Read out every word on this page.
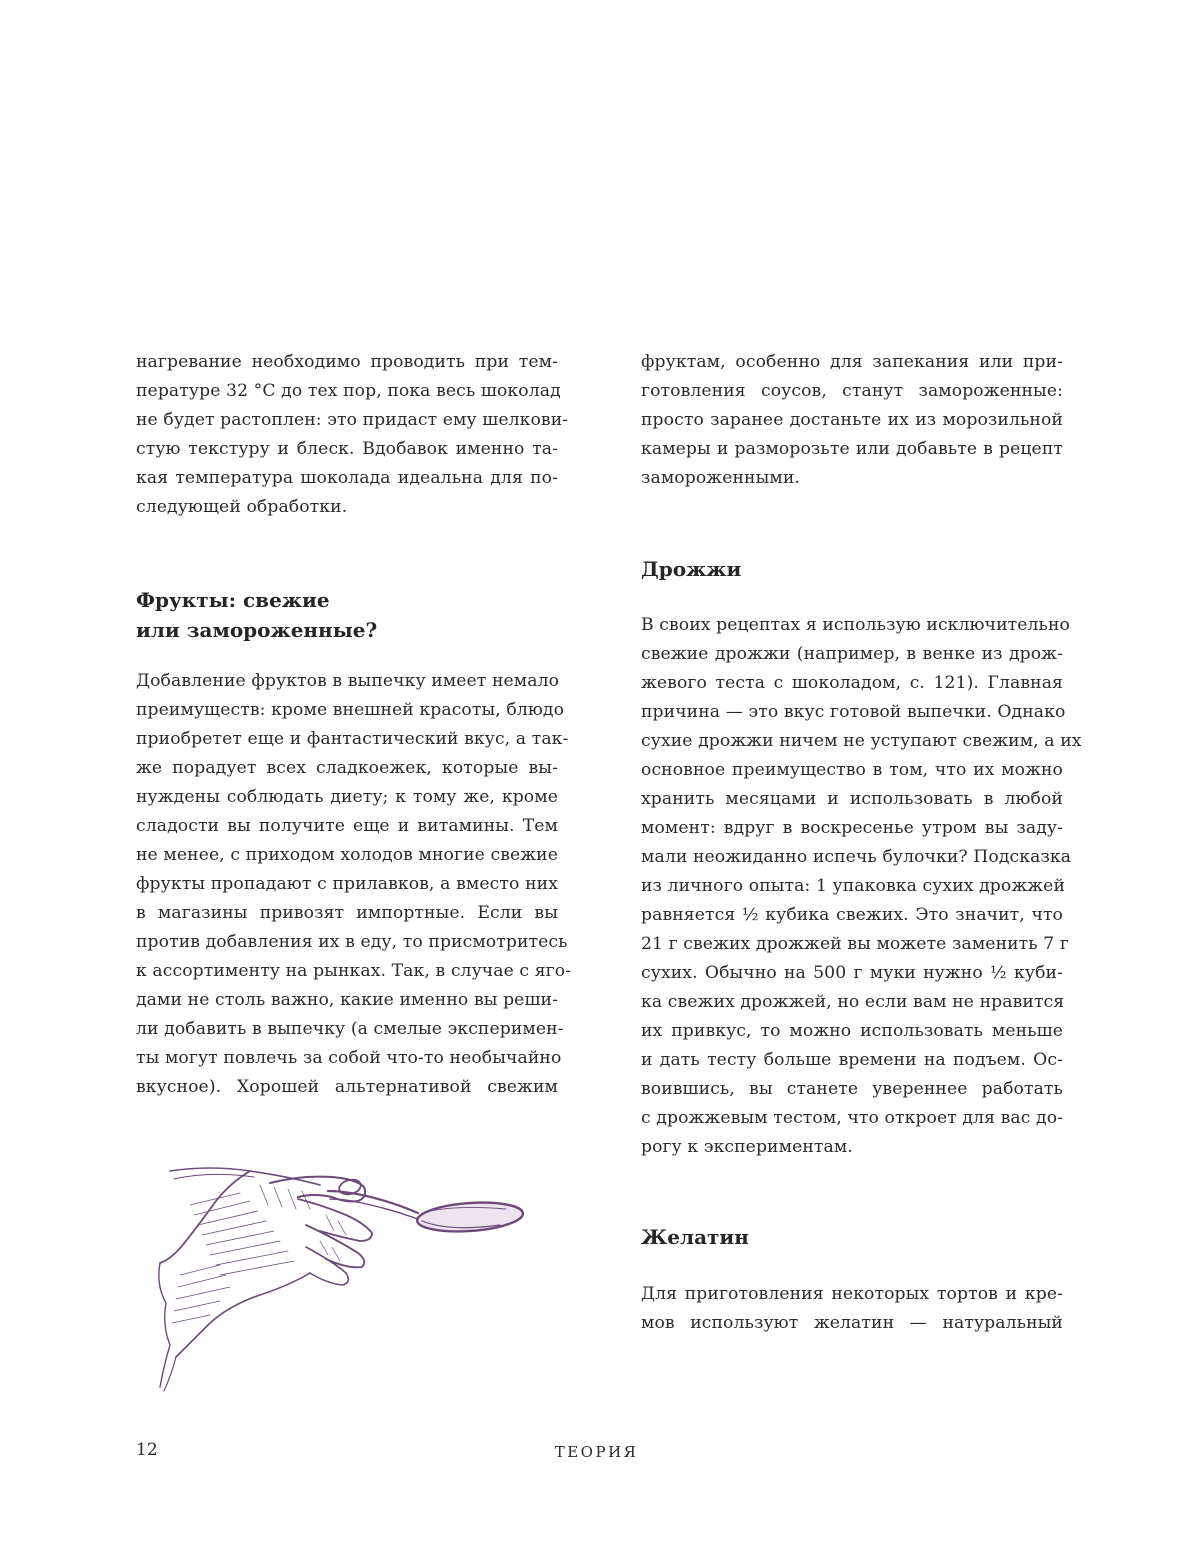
нагревание необходимо проводить при тем-
пературе 32 °С до тех пор, пока весь шоколад
не будет растоплен: это придаст ему шелкови-
стую текстуру и блеск. Вдобавок именно та-
кая температура шоколада идеальна для по-
следующей обработки.

Фрукты: свежие
или замороженные?

Добавление фруктов в выпечку имеет немало
преимуществ: кроме внешней красоты, блюдо
приобретет еще и фантастический вкус, а так-
же порадует всех сладкоежек, которые вы-
нуждены соблюдать диету; к тому же, кроме
сладости вы получите еще и витамины. Тем
не менее, с приходом холодов многие свежие
фрукты пропадают с прилавков, а вместо них
в магазины привозят импортные. Если вы
против добавления их в еду, то присмотритесь
к ассортименту на рынках. Так, в случае с яго-
дами не столь важно, какие именно вы реши-
ли добавить в выпечку (а смелые эксперимен-
ты могут повлечь за собой что-то необычайно
вкусное). Хорошей альтернативой свежим

фруктам, особенно для запекания или при-
готовления соусов, станут замороженные:
просто заранее достаньте их из морозильной
камеры и разморозьте или добавьте в рецепт
замороженными.

Дрожжи

В своих рецептах я использую исключительно
свежие дрожжи (например, в венке из дрож-
жевого теста с шоколадом, с. 121). Главная
причина — это вкус готовой выпечки. Однако
сухие дрожжи ничем не уступают свежим, а их
основное преимущество в том, что их можно
хранить месяцами и использовать в любой
момент: вдруг в воскресенье утром вы заду-
мали неожиданно испечь булочки? Подсказка
из личного опыта: 1 упаковка сухих дрожжей
равняется ½ кубика свежих. Это значит, что
21 г свежих дрожжей вы можете заменить 7 г
сухих. Обычно на 500 г муки нужно ½ куби-
ка свежих дрожжей, но если вам не нравится
их привкус, то можно использовать меньше
и дать тесту больше времени на подъем. Ос-
воившись, вы станете увереннее работать
с дрожжевым тестом, что откроет для вас до-
рогу к экспериментам.

Желатин

Для приготовления некоторых тортов и кре-
мов используют желатин — натуральный

12	ТЕОРИЯ
